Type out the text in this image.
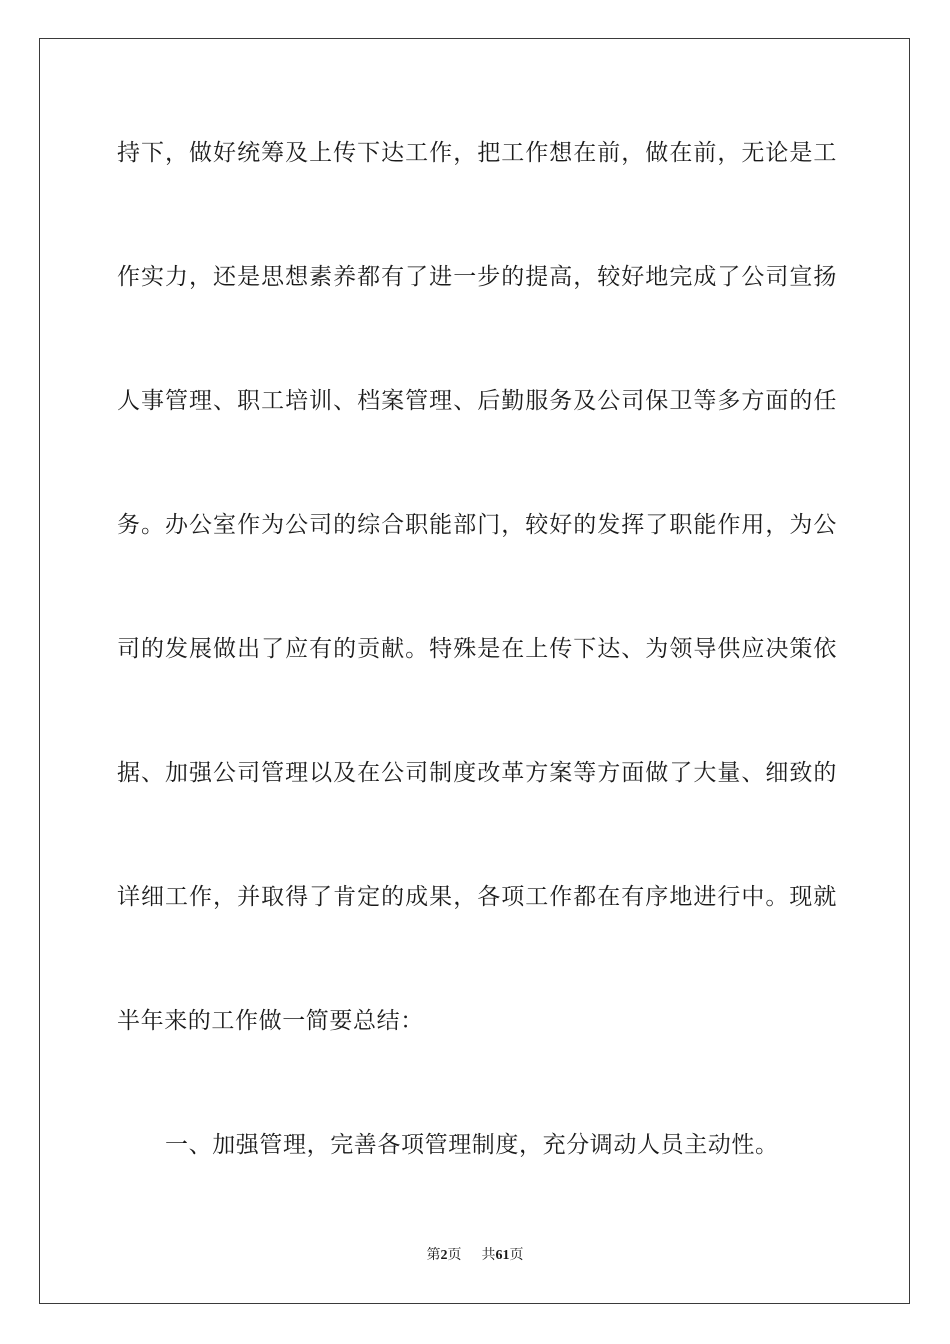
持下，做好统筹及上传下达工作，把工作想在前，做在前，无论是工
作实力，还是思想素养都有了进一步的提高，较好地完成了公司宣扬
人事管理、职工培训、档案管理、后勤服务及公司保卫等多方面的任
务。办公室作为公司的综合职能部门，较好的发挥了职能作用，为公
司的发展做出了应有的贡献。特殊是在上传下达、为领导供应决策依
据、加强公司管理以及在公司制度改革方案等方面做了大量、细致的
详细工作，并取得了肯定的成果，各项工作都在有序地进行中。现就
半年来的工作做一简要总结：
一、加强管理，完善各项管理制度，充分调动人员主动性。
第2页 共61页
